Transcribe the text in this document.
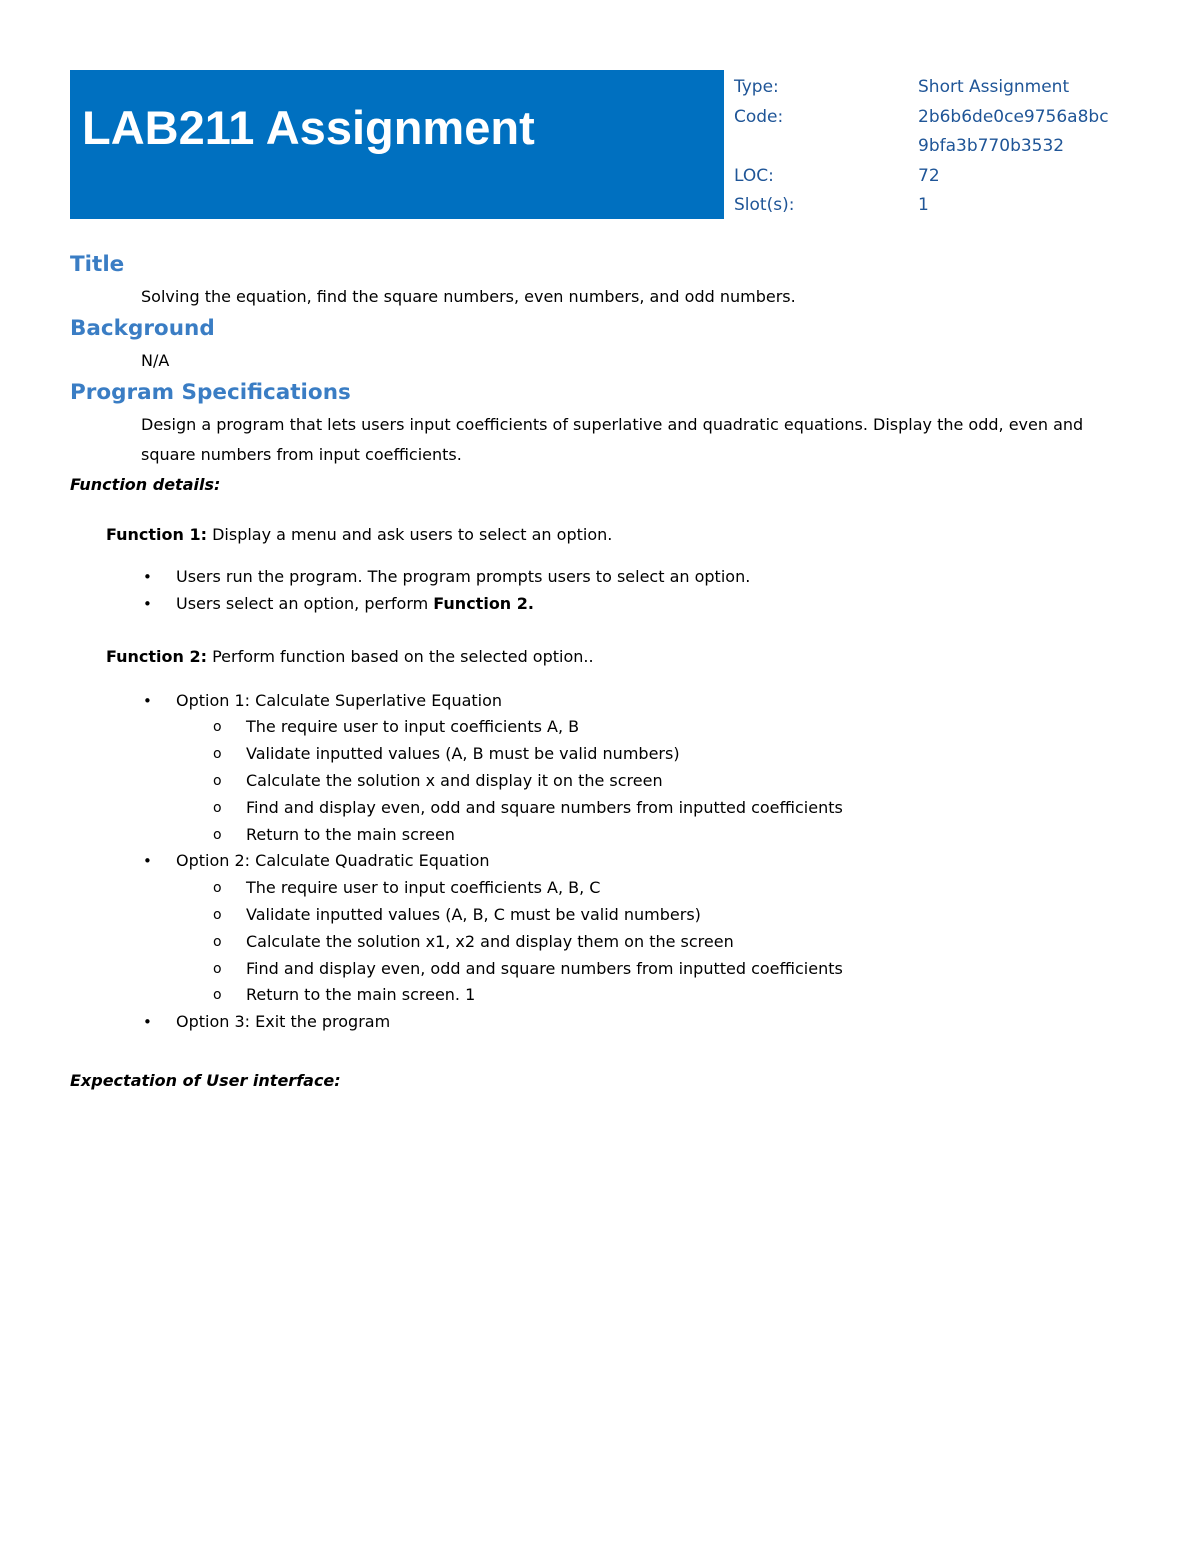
LAB211 Assignment
Type:	Short Assignment
Code:	2b6b6de0ce9756a8bc
9bfa3b770b3532
LOC:	72
Slot(s):	1
Title

Solving the equation, find the square numbers, even numbers, and odd numbers.

Background

N/A

Program Specifications

Design a program that lets users input coefficients of superlative and quadratic equations. Display the odd, even and square numbers from input coefficients.

Function details:

Function 1: Display a menu and ask users to select an option.

• Users run the program. The program prompts users to select an option.
• Users select an option, perform Function 2.

Function 2: Perform function based on the selected option..

• Option 1: Calculate Superlative Equation
o The require user to input coefficients A, B
o Validate inputted values (A, B must be valid numbers)
o Calculate the solution x and display it on the screen
o Find and display even, odd and square numbers from inputted coefficients
o Return to the main screen
• Option 2: Calculate Quadratic Equation
o The require user to input coefficients A, B, C
o Validate inputted values (A, B, C must be valid numbers)
o Calculate the solution x1, x2 and display them on the screen
o Find and display even, odd and square numbers from inputted coefficients
o Return to the main screen. 1
• Option 3: Exit the program

Expectation of User interface:
